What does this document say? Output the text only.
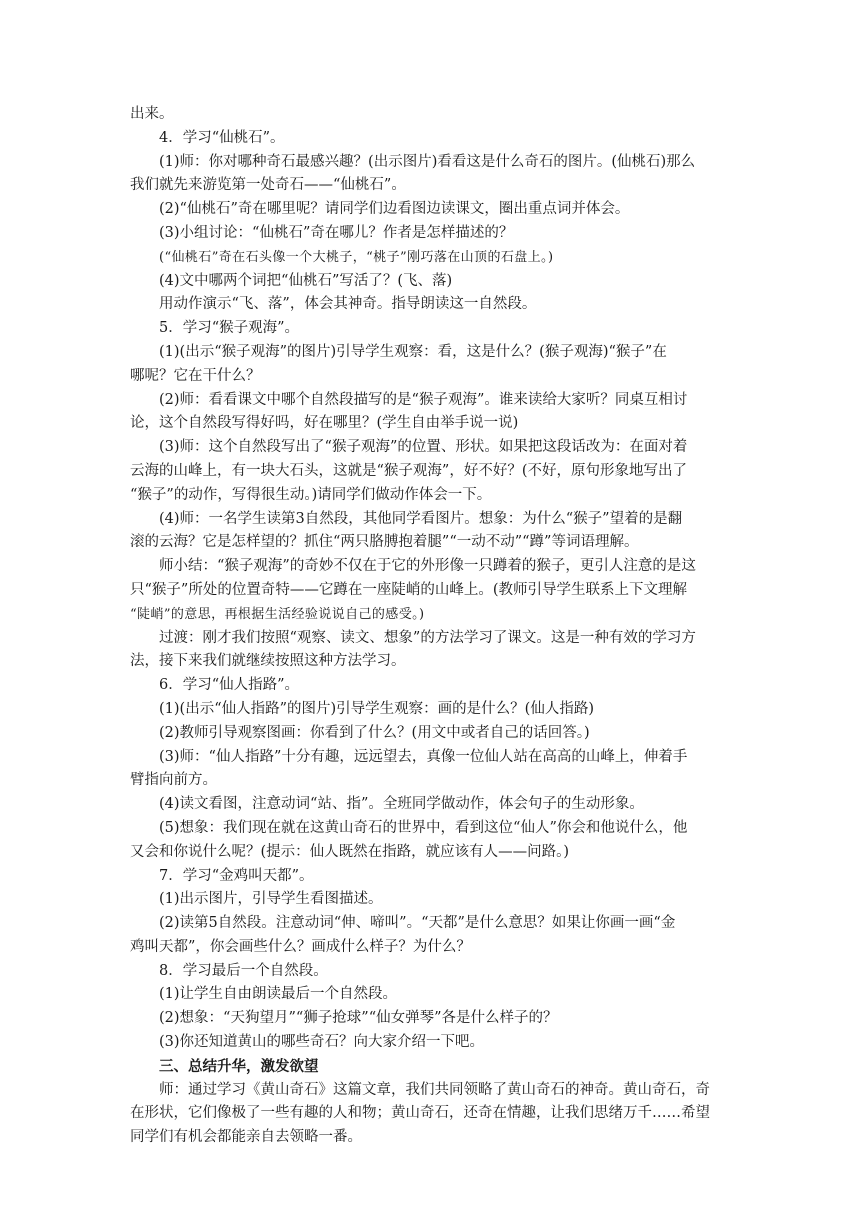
出来。
4．学习“仙桃石”。
(1)师：你对哪种奇石最感兴趣？(出示图片)看看这是什么奇石的图片。(仙桃石)那么
我们就先来游览第一处奇石——“仙桃石”。
(2)“仙桃石”奇在哪里呢？请同学们边看图边读课文，圈出重点词并体会。
(3)小组讨论：“仙桃石”奇在哪儿？作者是怎样描述的？
(“仙桃石”奇在石头像一个大桃子，“桃子”刚巧落在山顶的石盘上。)
(4)文中哪两个词把“仙桃石”写活了？(飞、落)
用动作演示“飞、落”，体会其神奇。指导朗读这一自然段。
5．学习“猴子观海”。
(1)(出示“猴子观海”的图片)引导学生观察：看，这是什么？(猴子观海)“猴子”在
哪呢？它在干什么？
(2)师：看看课文中哪个自然段描写的是“猴子观海”。谁来读给大家听？同桌互相讨
论，这个自然段写得好吗，好在哪里？(学生自由举手说一说)
(3)师：这个自然段写出了“猴子观海”的位置、形状。如果把这段话改为：在面对着
云海的山峰上，有一块大石头，这就是“猴子观海”，好不好？(不好，原句形象地写出了
“猴子”的动作，写得很生动。)请同学们做动作体会一下。
(4)师：一名学生读第3自然段，其他同学看图片。想象：为什么“猴子”望着的是翻
滚的云海？它是怎样望的？抓住“两只胳膊抱着腿”“一动不动”“蹲”等词语理解。
师小结：“猴子观海”的奇妙不仅在于它的外形像一只蹲着的猴子，更引人注意的是这
只“猴子”所处的位置奇特——它蹲在一座陡峭的山峰上。(教师引导学生联系上下文理解
“陡峭”的意思，再根据生活经验说说自己的感受。)
过渡：刚才我们按照“观察、读文、想象”的方法学习了课文。这是一种有效的学习方
法，接下来我们就继续按照这种方法学习。
6．学习“仙人指路”。
(1)(出示“仙人指路”的图片)引导学生观察：画的是什么？(仙人指路)
(2)教师引导观察图画：你看到了什么？(用文中或者自己的话回答。)
(3)师：“仙人指路”十分有趣，远远望去，真像一位仙人站在高高的山峰上，伸着手
臂指向前方。
(4)读文看图，注意动词“站、指”。全班同学做动作，体会句子的生动形象。
(5)想象：我们现在就在这黄山奇石的世界中，看到这位“仙人”你会和他说什么，他
又会和你说什么呢？(提示：仙人既然在指路，就应该有人——问路。)
7．学习“金鸡叫天都”。
(1)出示图片，引导学生看图描述。
(2)读第5自然段。注意动词“伸、啼叫”。“天都”是什么意思？如果让你画一画“金
鸡叫天都”，你会画些什么？画成什么样子？为什么？
8．学习最后一个自然段。
(1)让学生自由朗读最后一个自然段。
(2)想象：“天狗望月”“狮子抢球”“仙女弹琴”各是什么样子的？
(3)你还知道黄山的哪些奇石？向大家介绍一下吧。
三、总结升华，激发欲望
师：通过学习《黄山奇石》这篇文章，我们共同领略了黄山奇石的神奇。黄山奇石，奇
在形状，它们像极了一些有趣的人和物；黄山奇石，还奇在情趣，让我们思绪万千……希望
同学们有机会都能亲自去领略一番。
